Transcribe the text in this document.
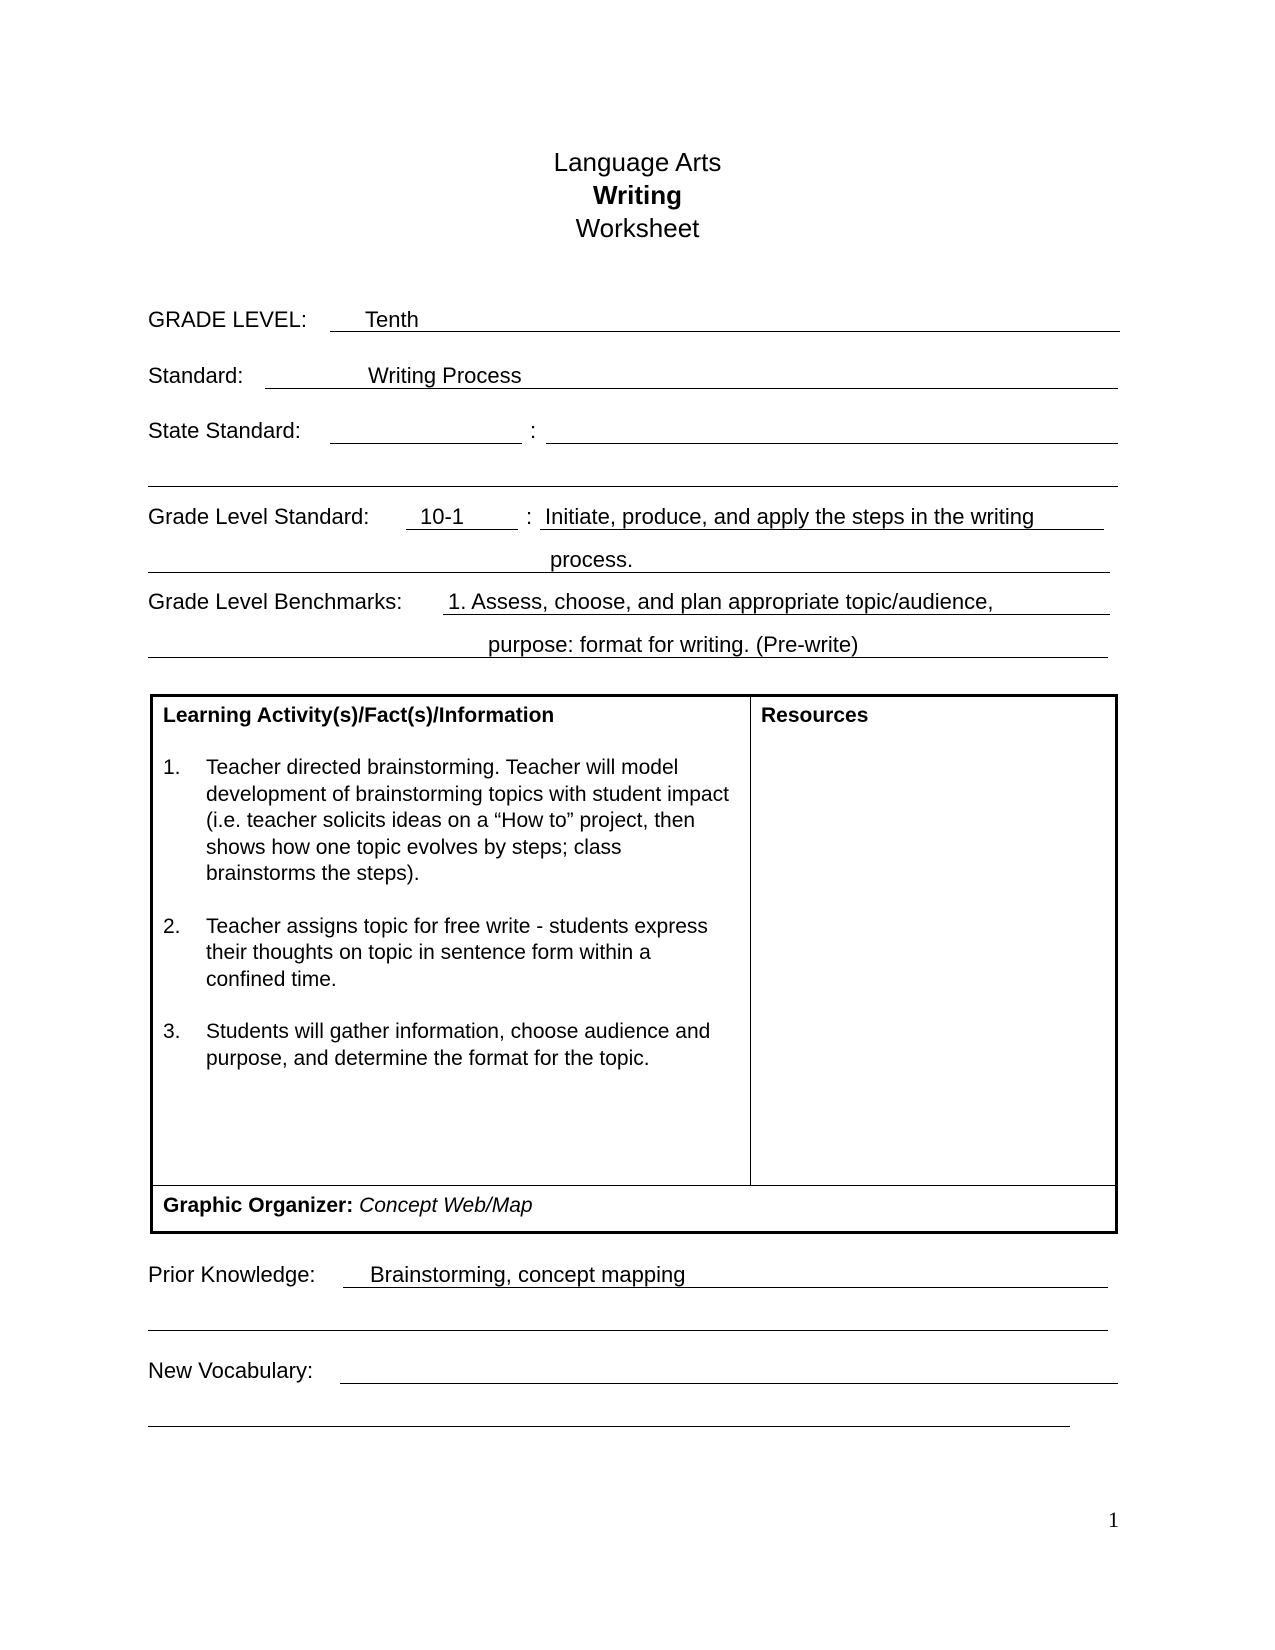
Language Arts
Writing
Worksheet
GRADE LEVEL:	Tenth
Standard:	Writing Process
State Standard:	:
Grade Level Standard: 10-1	: Initiate, produce, and apply the steps in the writing
process.
Grade Level Benchmarks: 1. Assess, choose, and plan appropriate topic/audience,
purpose: format for writing. (Pre-write)
Learning Activity(s)/Fact(s)/Information	Resources
1. Teacher directed brainstorming. Teacher will model development of brainstorming topics with student impact (i.e. teacher solicits ideas on a “How to” project, then shows how one topic evolves by steps; class brainstorms the steps).
2. Teacher assigns topic for free write - students express their thoughts on topic in sentence form within a confined time.
3. Students will gather information, choose audience and purpose, and determine the format for the topic.
Graphic Organizer: Concept Web/Map
Prior Knowledge: Brainstorming, concept mapping
New Vocabulary:
1
